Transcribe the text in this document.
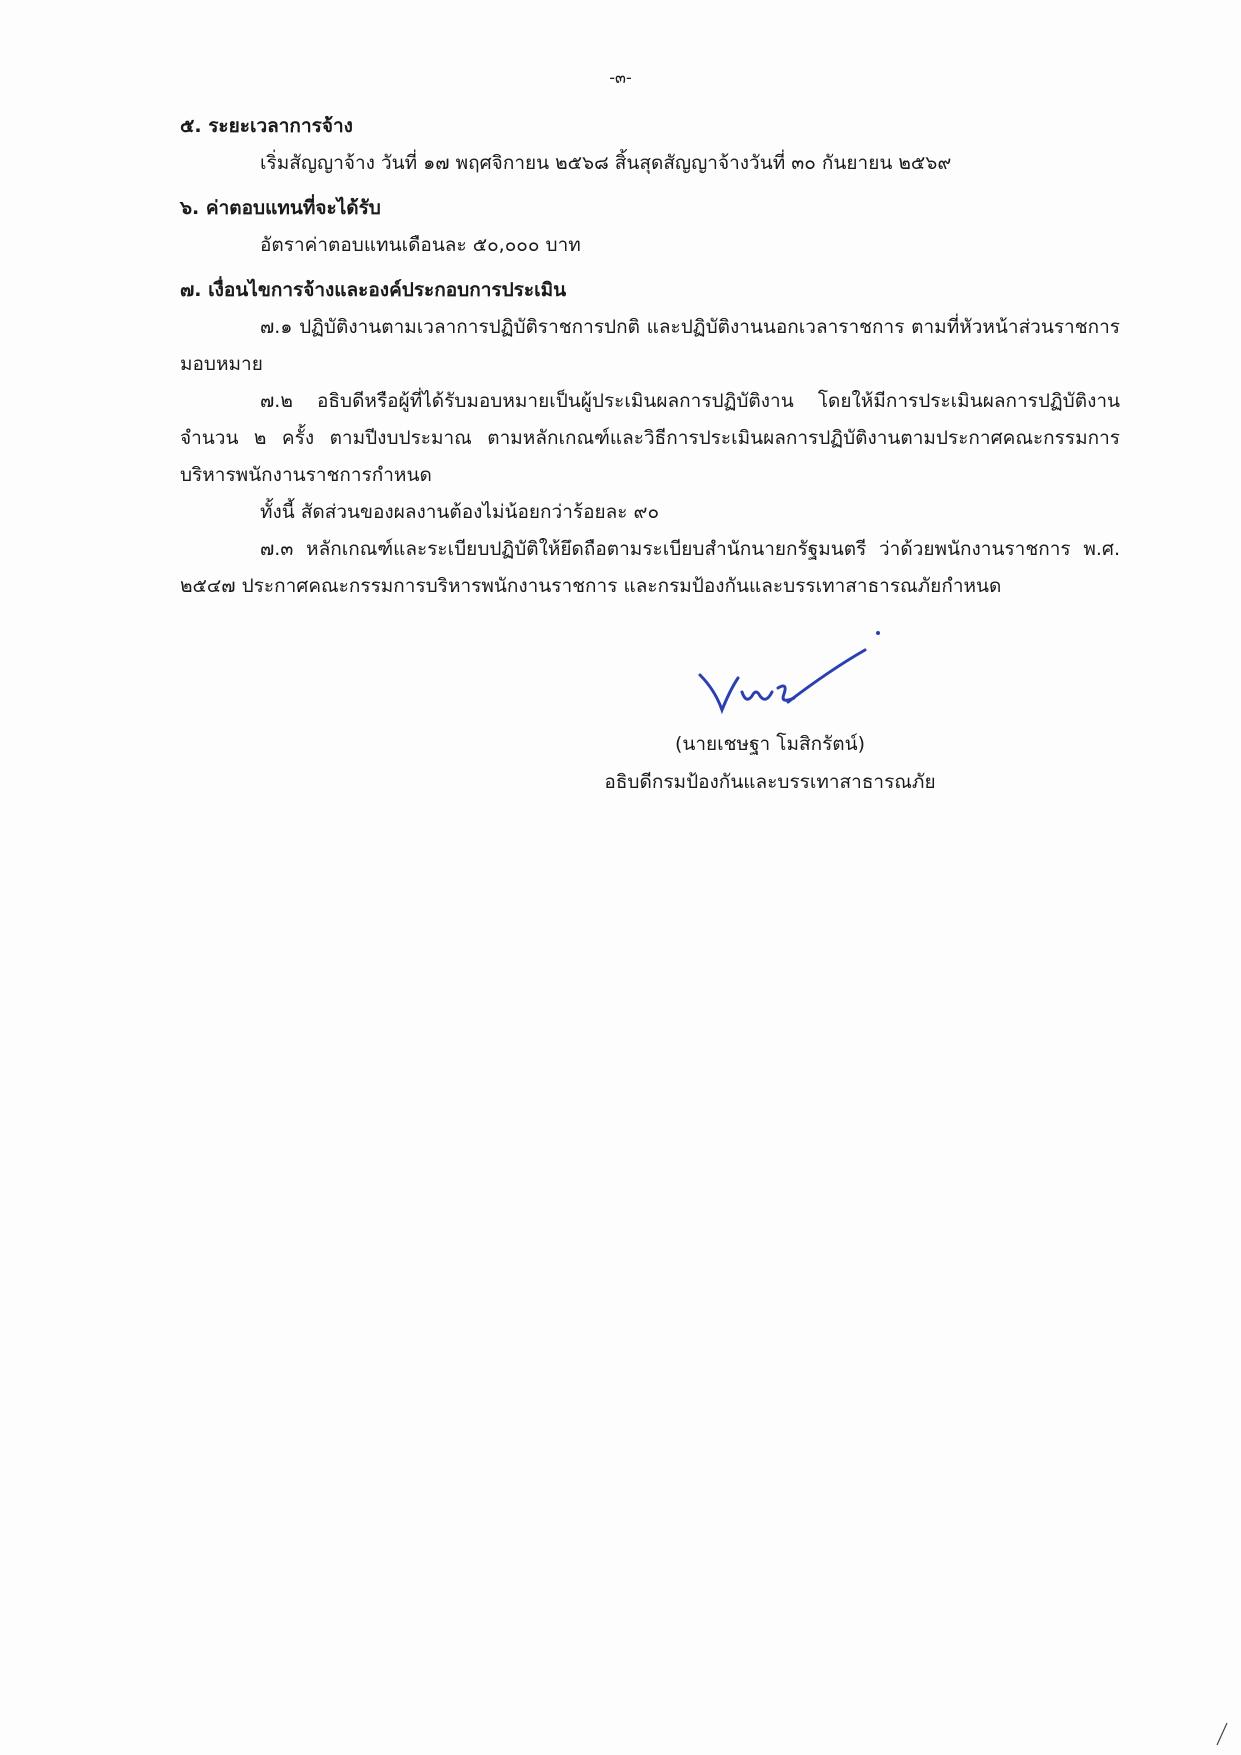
-๓-

๕. ระยะเวลาการจ้าง

เริ่มสัญญาจ้าง วันที่ ๑๗ พฤศจิกายน ๒๕๖๘ สิ้นสุดสัญญาจ้างวันที่ ๓๐ กันยายน ๒๕๖๙

๖. ค่าตอบแทนที่จะได้รับ

อัตราค่าตอบแทนเดือนละ ๕๐,๐๐๐ บาท

๗. เงื่อนไขการจ้างและองค์ประกอบการประเมิน

๗.๑ ปฏิบัติงานตามเวลาการปฏิบัติราชการปกติ และปฏิบัติงานนอกเวลาราชการ ตามที่หัวหน้าส่วนราชการมอบหมาย

๗.๒ อธิบดีหรือผู้ที่ได้รับมอบหมายเป็นผู้ประเมินผลการปฏิบัติงาน โดยให้มีการประเมินผลการปฏิบัติงานจำนวน ๒ ครั้ง ตามปีงบประมาณ ตามหลักเกณฑ์และวิธีการประเมินผลการปฏิบัติงานตามประกาศคณะกรรมการบริหารพนักงานราชการกำหนด

ทั้งนี้ สัดส่วนของผลงานต้องไม่น้อยกว่าร้อยละ ๙๐

๗.๓ หลักเกณฑ์และระเบียบปฏิบัติให้ยึดถือตามระเบียบสำนักนายกรัฐมนตรี ว่าด้วยพนักงานราชการ พ.ศ. ๒๕๔๗ ประกาศคณะกรรมการบริหารพนักงานราชการ และกรมป้องกันและบรรเทาสาธารณภัยกำหนด

(นายเชษฐา โมสิกรัตน์)
อธิบดีกรมป้องกันและบรรเทาสาธารณภัย
